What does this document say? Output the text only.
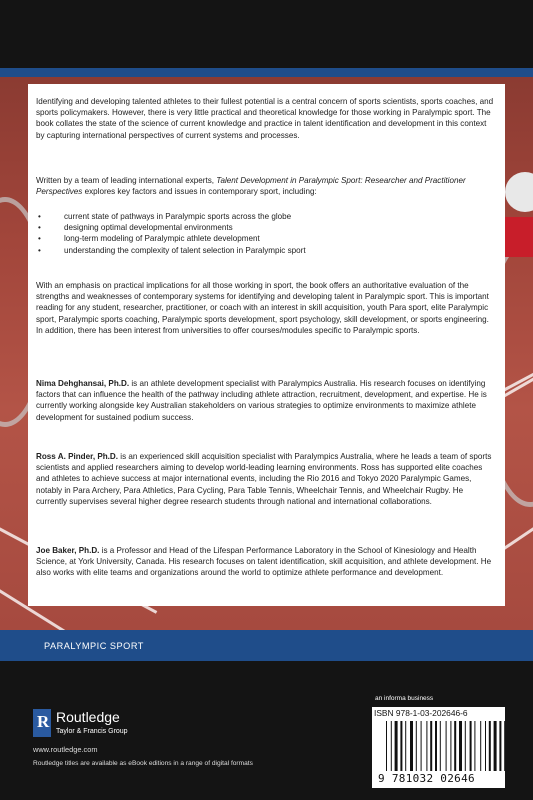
Identifying and developing talented athletes to their fullest potential is a central concern of sports scientists, sports coaches, and sports policymakers. However, there is very little practical and theoretical knowledge for those working in Paralympic sport. The book collates the state of the science of current knowledge and practice in talent identification and development in this context by capturing international perspectives of current systems and processes.

Written by a team of leading international experts, Talent Development in Paralympic Sport: Researcher and Practitioner Perspectives explores key factors and issues in contemporary sport, including:

• current state of pathways in Paralympic sports across the globe
• designing optimal developmental environments
• long-term modeling of Paralympic athlete development
• understanding the complexity of talent selection in Paralympic sport

With an emphasis on practical implications for all those working in sport, the book offers an authoritative evaluation of the strengths and weaknesses of contemporary systems for identifying and developing talent in Paralympic sport. This is important reading for any student, researcher, practitioner, or coach with an interest in skill acquisition, youth Para sport, elite Paralympic sport, Paralympic sports coaching, Paralympic sports development, sport psychology, skill development, or sports engineering. In addition, there has been interest from universities to offer courses/modules specific to Paralympic sports.

Nima Dehghansai, Ph.D. is an athlete development specialist with Paralympics Australia. His research focuses on identifying factors that can influence the health of the pathway including athlete attraction, recruitment, development, and expertise. He is currently working alongside key Australian stakeholders on various strategies to optimize environments to maximize athlete development for sustained podium success.

Ross A. Pinder, Ph.D. is an experienced skill acquisition specialist with Paralympics Australia, where he leads a team of sports scientists and applied researchers aiming to develop world-leading learning environments. Ross has supported elite coaches and athletes to achieve success at major international events, including the Rio 2016 and Tokyo 2020 Paralympic Games, notably in Para Archery, Para Athletics, Para Cycling, Para Table Tennis, Wheelchair Tennis, and Wheelchair Rugby. He currently supervises several higher degree research students through national and international collaborations.

Joe Baker, Ph.D. is a Professor and Head of the Lifespan Performance Laboratory in the School of Kinesiology and Health Science, at York University, Canada. His research focuses on talent identification, skill acquisition, and athlete development. He also works with elite teams and organizations around the world to optimize athlete performance and development.

PARALYMPIC SPORT
R Routledge
Taylor & Francis Group
www.routledge.com
Routledge titles are available as eBook editions in a range of digital formats
an informa business
ISBN 978-1-03-202646-6
9 781032 02646
